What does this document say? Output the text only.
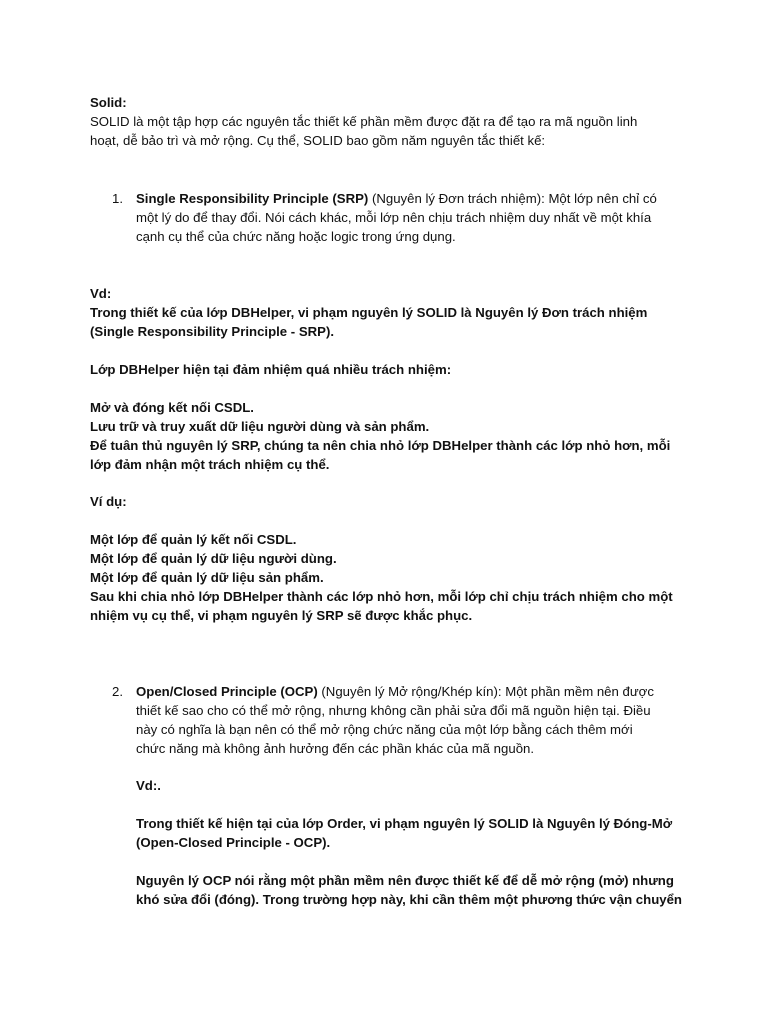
Solid:
SOLID là một tập hợp các nguyên tắc thiết kế phần mềm được đặt ra để tạo ra mã nguồn linh
hoạt, dễ bảo trì và mở rộng. Cụ thể, SOLID bao gồm năm nguyên tắc thiết kế:
1. Single Responsibility Principle (SRP) (Nguyên lý Đơn trách nhiệm): Một lớp nên chỉ có
một lý do để thay đổi. Nói cách khác, mỗi lớp nên chịu trách nhiệm duy nhất về một khía
cạnh cụ thể của chức năng hoặc logic trong ứng dụng.
Vd:
Trong thiết kế của lớp DBHelper, vi phạm nguyên lý SOLID là Nguyên lý Đơn trách nhiệm
(Single Responsibility Principle - SRP).
Lớp DBHelper hiện tại đảm nhiệm quá nhiều trách nhiệm:
Mở và đóng kết nối CSDL.
Lưu trữ và truy xuất dữ liệu người dùng và sản phẩm.
Để tuân thủ nguyên lý SRP, chúng ta nên chia nhỏ lớp DBHelper thành các lớp nhỏ hơn, mỗi
lớp đảm nhận một trách nhiệm cụ thể.
Ví dụ:
Một lớp để quản lý kết nối CSDL.
Một lớp để quản lý dữ liệu người dùng.
Một lớp để quản lý dữ liệu sản phẩm.
Sau khi chia nhỏ lớp DBHelper thành các lớp nhỏ hơn, mỗi lớp chỉ chịu trách nhiệm cho một
nhiệm vụ cụ thể, vi phạm nguyên lý SRP sẽ được khắc phục.
2. Open/Closed Principle (OCP) (Nguyên lý Mở rộng/Khép kín): Một phần mềm nên được
thiết kế sao cho có thể mở rộng, nhưng không cần phải sửa đổi mã nguồn hiện tại. Điều
này có nghĩa là bạn nên có thể mở rộng chức năng của một lớp bằng cách thêm mới
chức năng mà không ảnh hưởng đến các phần khác của mã nguồn.
Vd:.
Trong thiết kế hiện tại của lớp Order, vi phạm nguyên lý SOLID là Nguyên lý Đóng-Mở
(Open-Closed Principle - OCP).
Nguyên lý OCP nói rằng một phần mềm nên được thiết kế để dễ mở rộng (mở) nhưng
khó sửa đổi (đóng). Trong trường hợp này, khi cần thêm một phương thức vận chuyển
